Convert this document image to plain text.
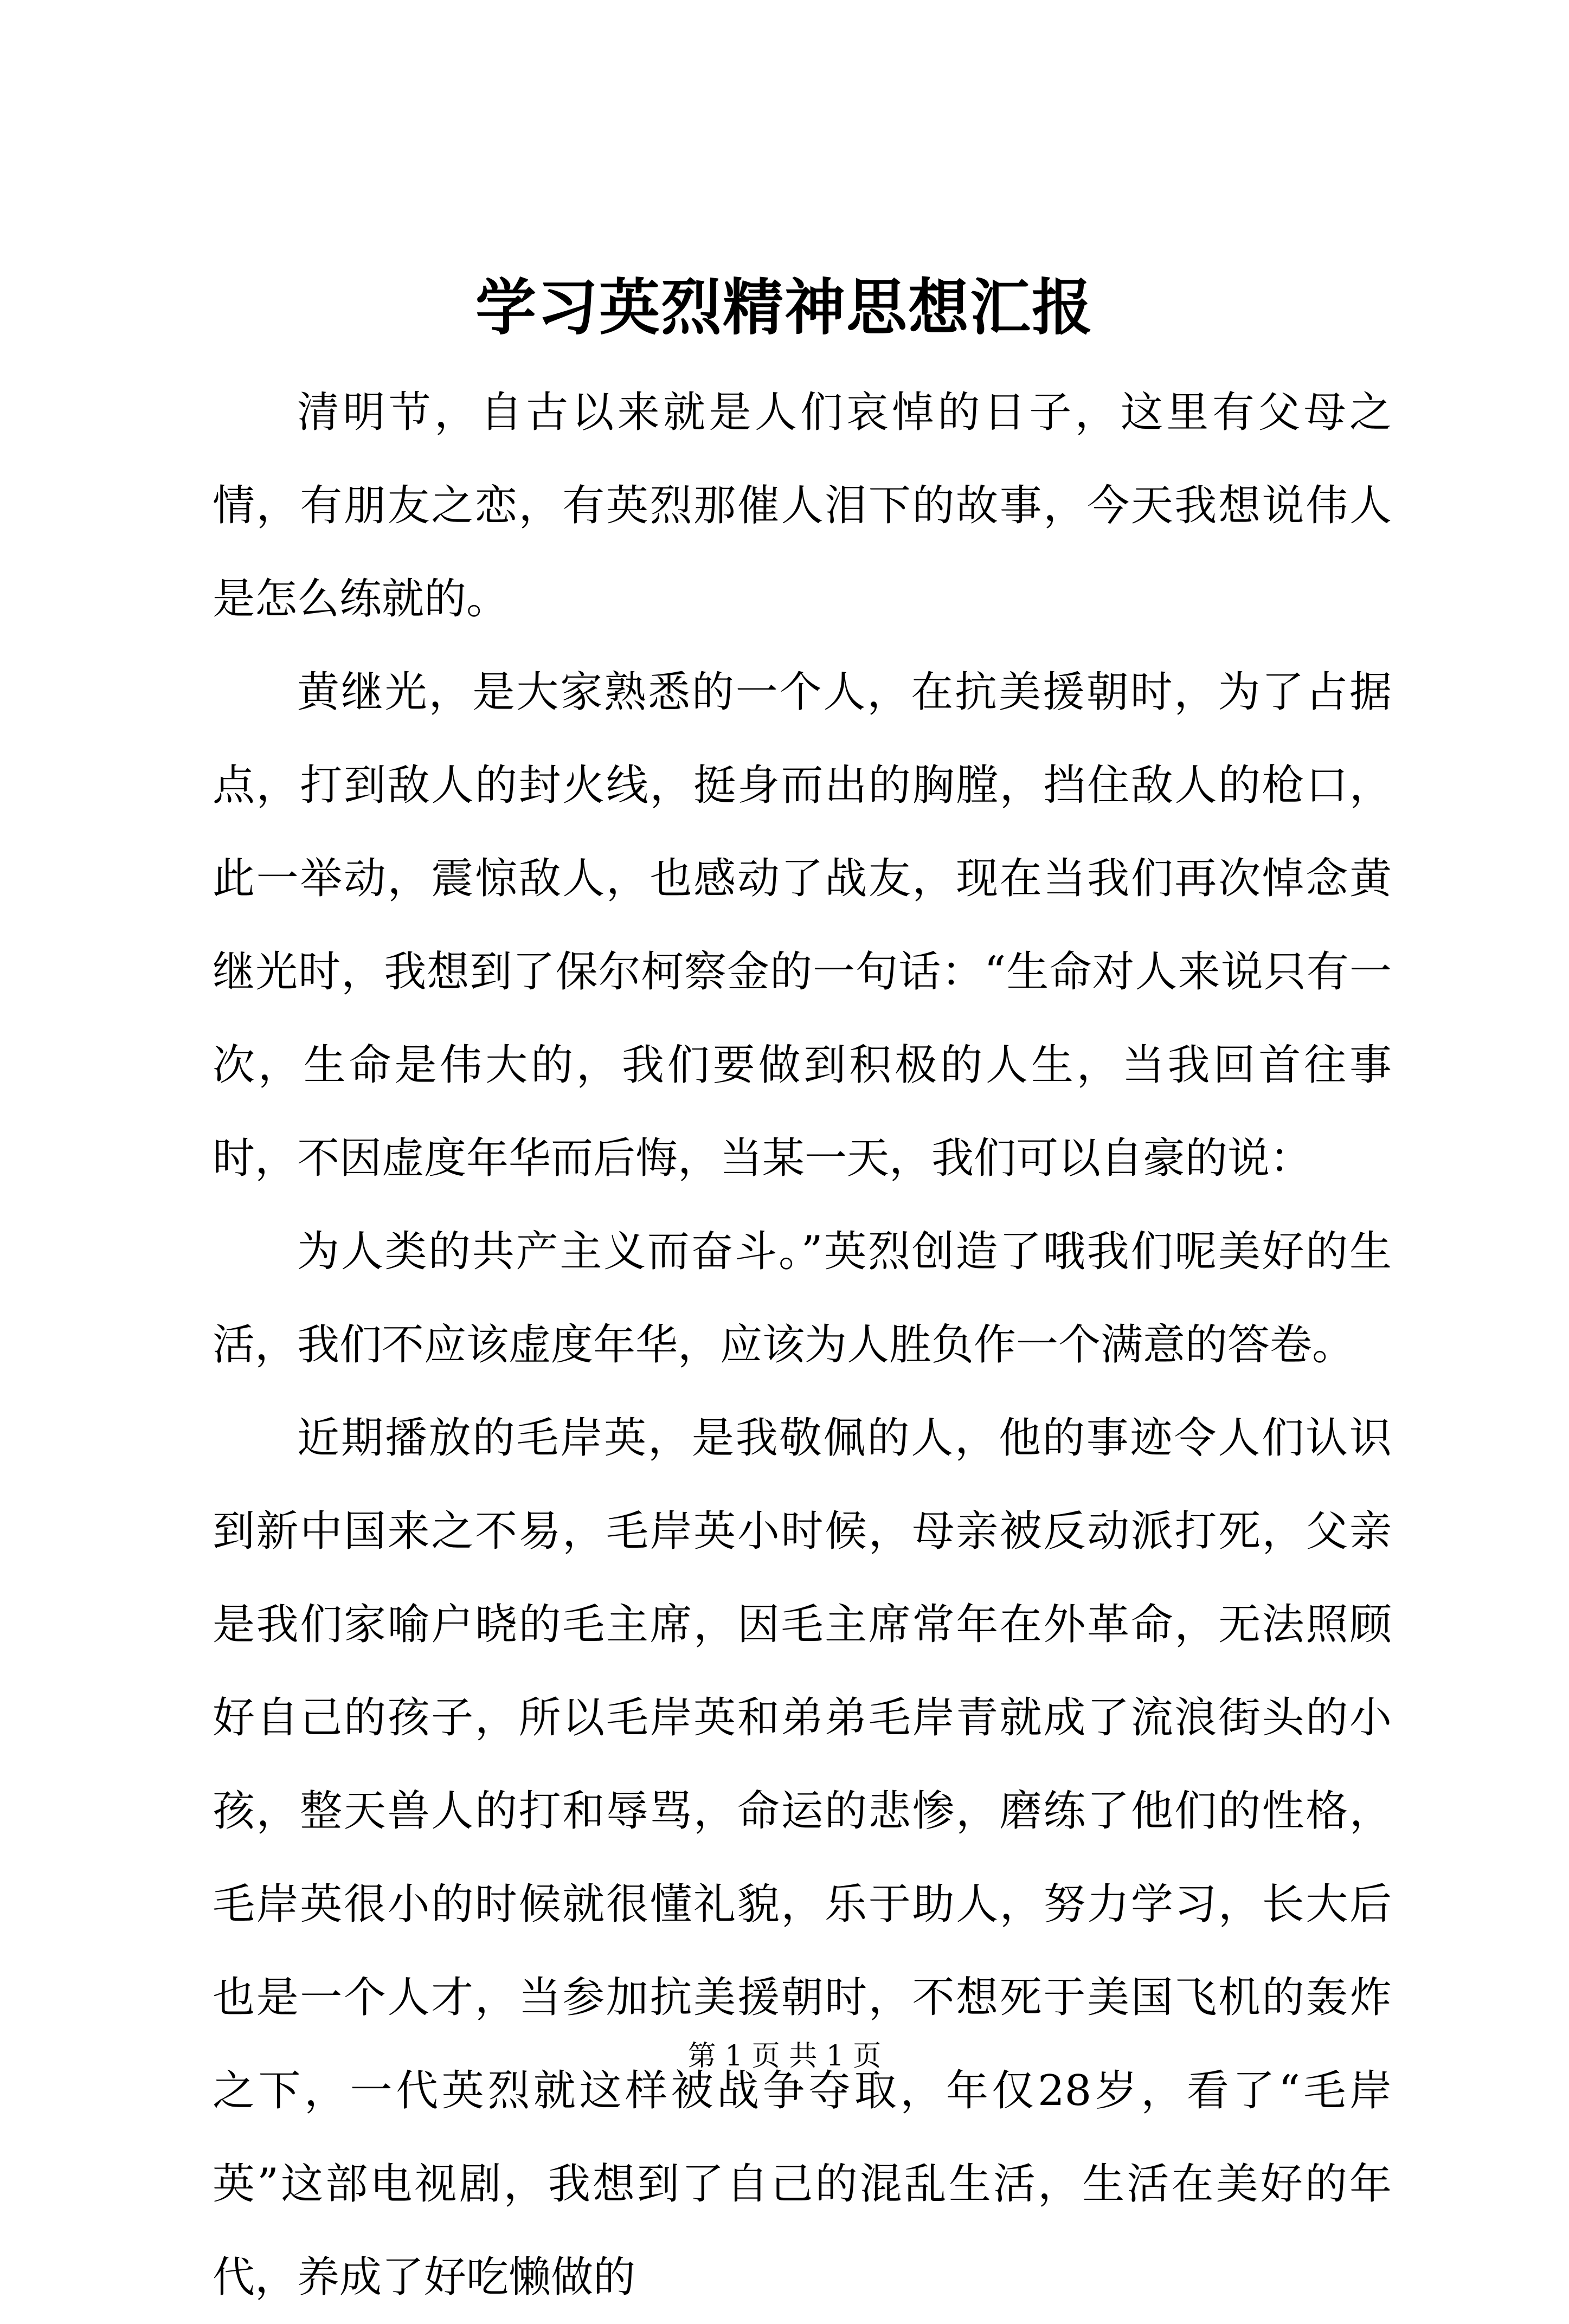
学习英烈精神思想汇报

清明节，自古以来就是人们哀悼的日子，这里有父母之情，有朋友之恋，有英烈那催人泪下的故事，今天我想说伟人是怎么练就的。

黄继光，是大家熟悉的一个人，在抗美援朝时，为了占据点，打到敌人的封火线，挺身而出的胸膛，挡住敌人的枪口，此一举动，震惊敌人，也感动了战友，现在当我们再次悼念黄继光时，我想到了保尔柯察金的一句话：“生命对人来说只有一次，生命是伟大的，我们要做到积极的人生，当我回首往事时，不因虚度年华而后悔，当某一天，我们可以自豪的说：

为人类的共产主义而奋斗。”英烈创造了哦我们呢美好的生活，我们不应该虚度年华，应该为人胜负作一个满意的答卷。

近期播放的毛岸英，是我敬佩的人，他的事迹令人们认识到新中国来之不易，毛岸英小时候，母亲被反动派打死，父亲是我们家喻户晓的毛主席，因毛主席常年在外革命，无法照顾好自己的孩子，所以毛岸英和弟弟毛岸青就成了流浪街头的小孩，整天兽人的打和辱骂，命运的悲惨，磨练了他们的性格，毛岸英很小的时候就很懂礼貌，乐于助人，努力学习，长大后也是一个人才，当参加抗美援朝时，不想死于美国飞机的轰炸之下，一代英烈就这样被战争夺取，年仅28岁，看了“毛岸英”这部电视剧，我想到了自己的混乱生活，生活在美好的年代，养成了好吃懒做的

第 1 页 共 1 页
